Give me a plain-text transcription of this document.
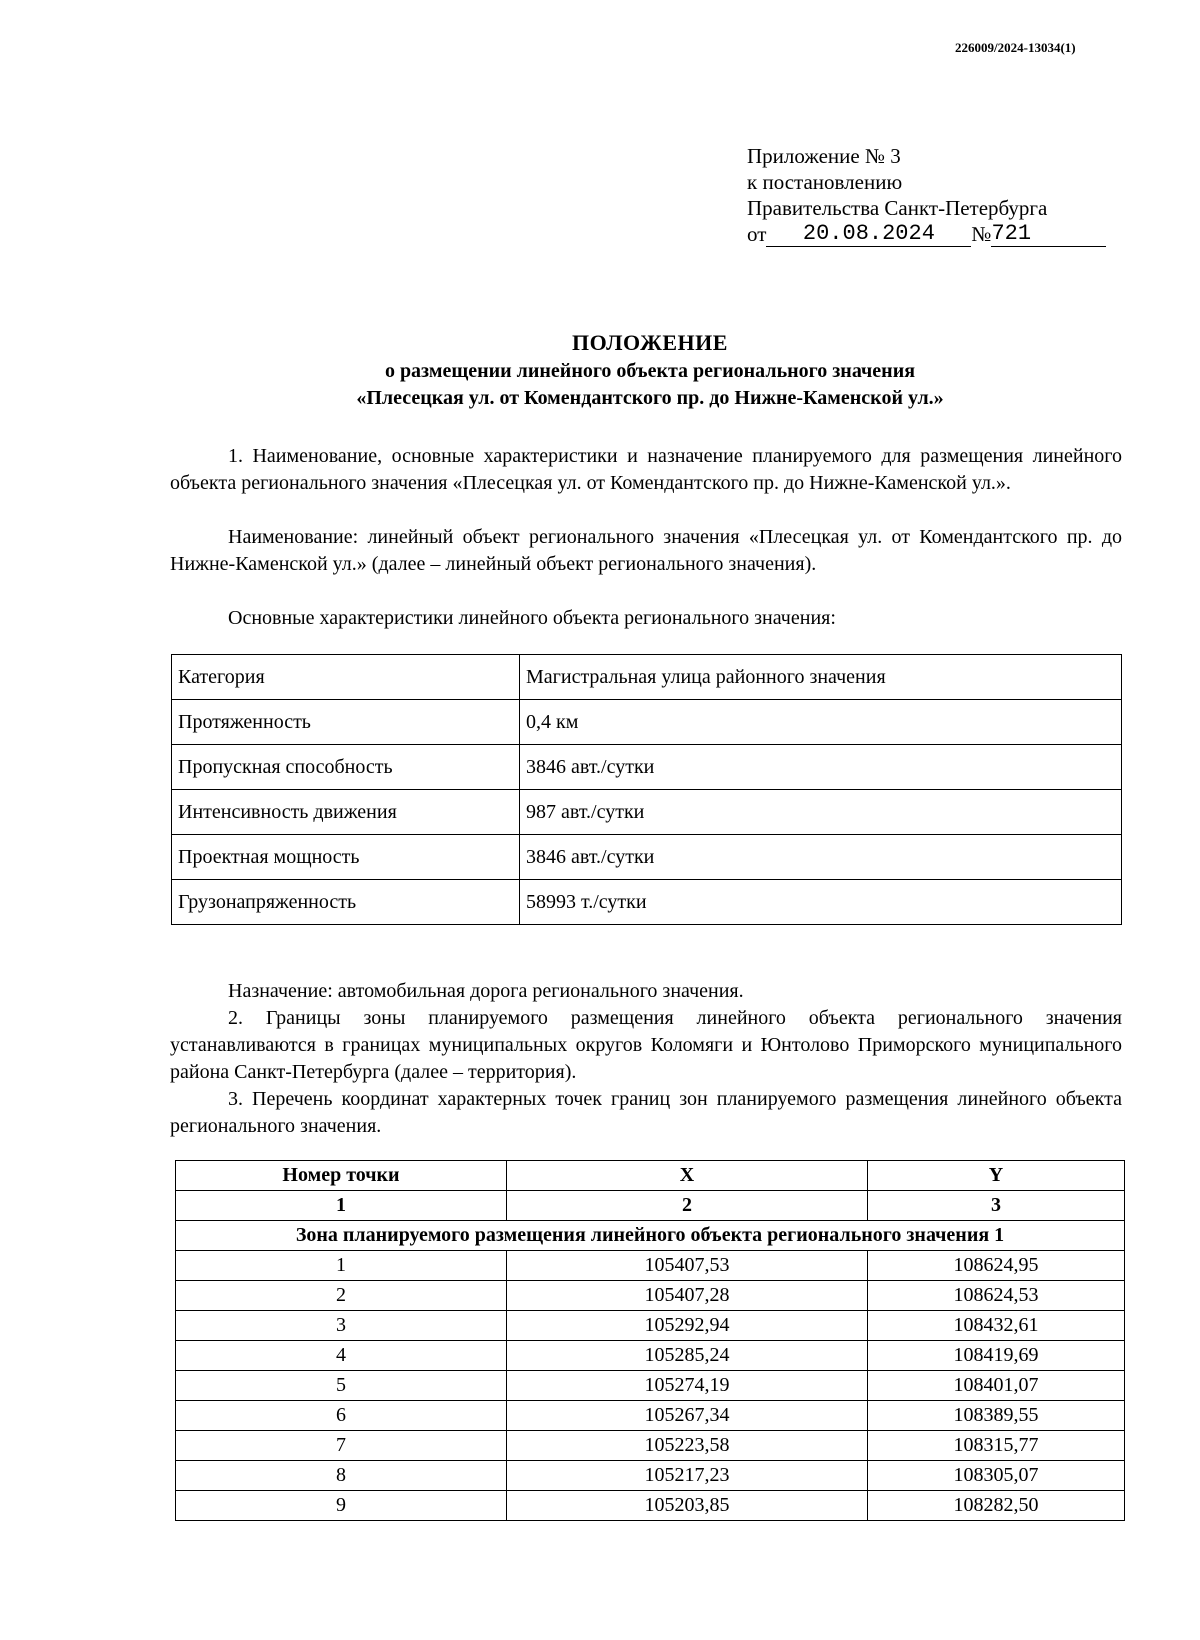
226009/2024-13034(1)
Приложение № 3
к постановлению
Правительства Санкт-Петербурга
от	20.08.2024	№ 721
ПОЛОЖЕНИЕ
о размещении линейного объекта регионального значения
«Плесецкая ул. от Комендантского пр. до Нижне-Каменской ул.»
1. Наименование, основные характеристики и назначение планируемого для размещения линейного объекта регионального значения «Плесецкая ул. от Комендантского пр. до Нижне-Каменской ул.».
Наименование: линейный объект регионального значения «Плесецкая ул. от Комендантского пр. до Нижне-Каменской ул.» (далее – линейный объект регионального значения).
Основные характеристики линейного объекта регионального значения:
Категория	Магистральная улица районного значения
Протяженность	0,4 км
Пропускная способность	3846 авт./сутки
Интенсивность движения	987 авт./сутки
Проектная мощность	3846 авт./сутки
Грузонапряженность	58993 т./сутки
Назначение: автомобильная дорога регионального значения.
2. Границы зоны планируемого размещения линейного объекта регионального значения устанавливаются в границах муниципальных округов Коломяги и Юнтолово Приморского муниципального района Санкт-Петербурга (далее – территория).
3. Перечень координат характерных точек границ зон планируемого размещения линейного объекта регионального значения.
Номер точки	X	Y
1	2	3
Зона планируемого размещения линейного объекта регионального значения 1		
1	105407,53	108624,95
2	105407,28	108624,53
3	105292,94	108432,61
4	105285,24	108419,69
5	105274,19	108401,07
6	105267,34	108389,55
7	105223,58	108315,77
8	105217,23	108305,07
9	105203,85	108282,50
